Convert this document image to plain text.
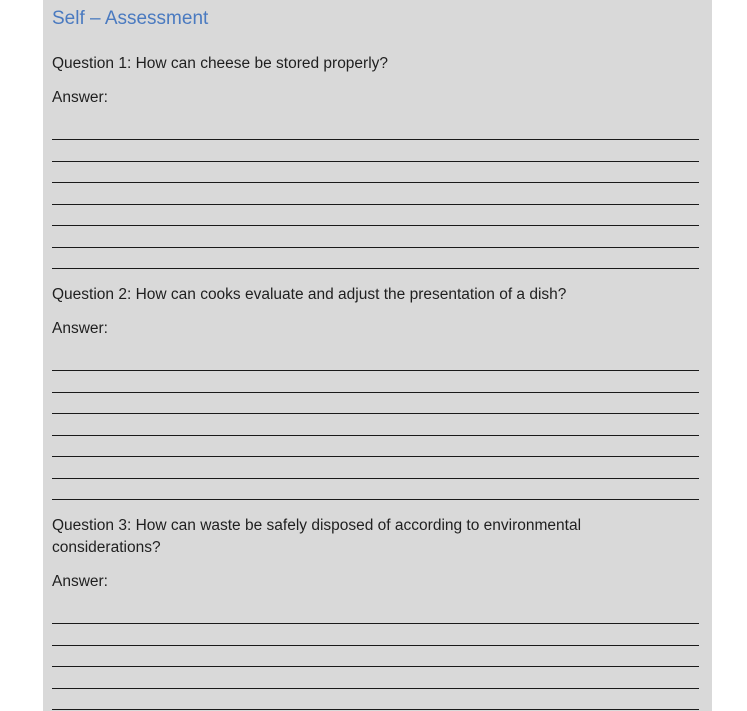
Self – Assessment
Question 1: How can cheese be stored properly?
Answer:
Question 2: How can cooks evaluate and adjust the presentation of a dish?
Answer:
Question 3: How can waste be safely disposed of according to environmental considerations?
Answer:
